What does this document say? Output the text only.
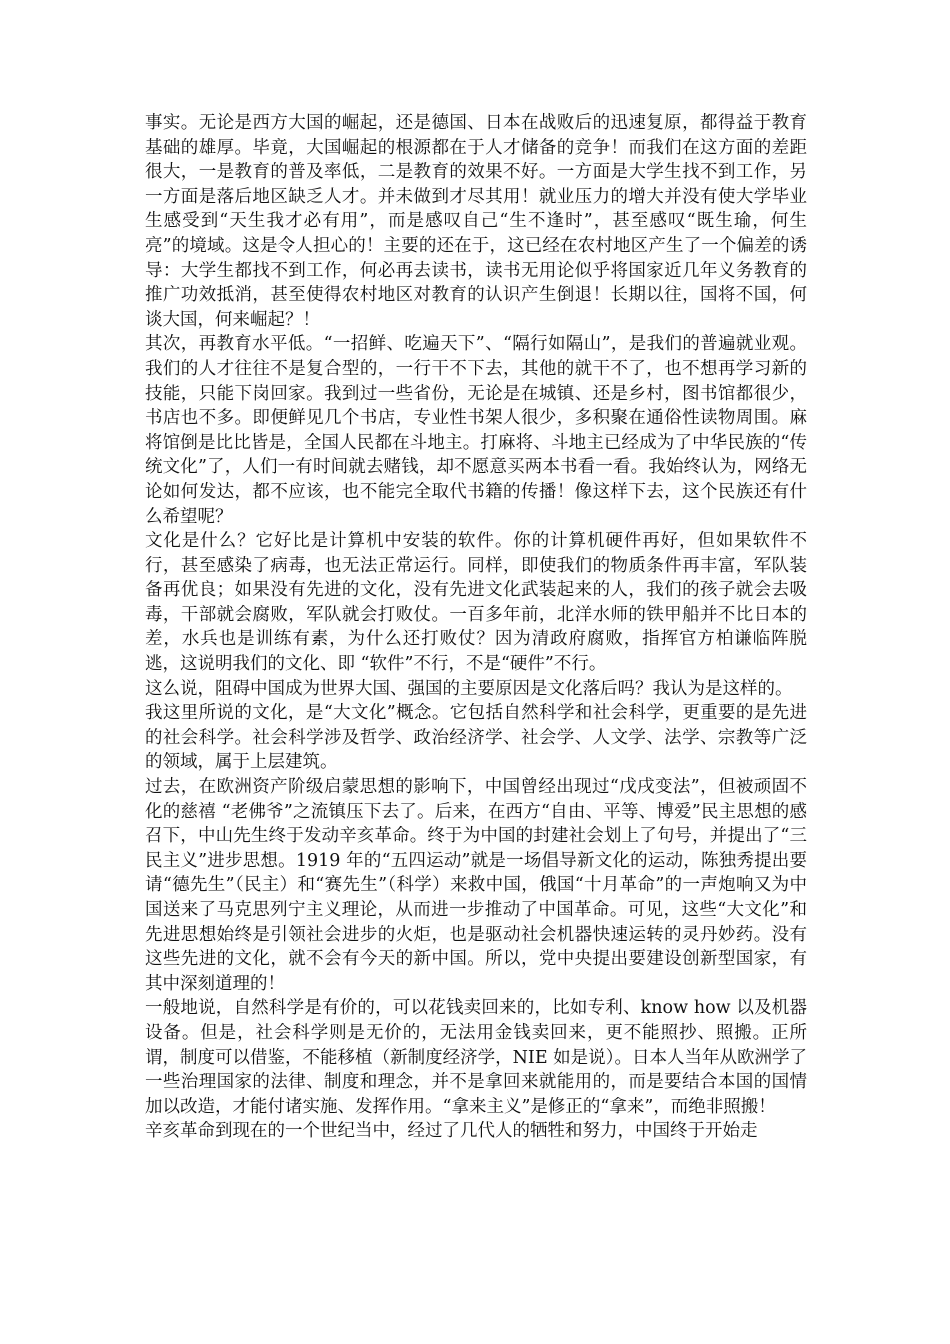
事实。无论是西方大国的崛起，还是德国、日本在战败后的迅速复原，都得益于教育基础的雄厚。毕竟，大国崛起的根源都在于人才储备的竞争！而我们在这方面的差距很大，一是教育的普及率低，二是教育的效果不好。一方面是大学生找不到工作，另一方面是落后地区缺乏人才。并未做到才尽其用！就业压力的增大并没有使大学毕业生感受到“天生我才必有用”，而是感叹自己“生不逢时”，甚至感叹“既生瑜，何生亮”的境域。这是令人担心的！主要的还在于，这已经在农村地区产生了一个偏差的诱导：大学生都找不到工作，何必再去读书，读书无用论似乎将国家近几年义务教育的推广功效抵消，甚至使得农村地区对教育的认识产生倒退！长期以往，国将不国，何谈大国，何来崛起？！

其次，再教育水平低。“一招鲜、吃遍天下”、“隔行如隔山”，是我们的普遍就业观。我们的人才往往不是复合型的，一行干不下去，其他的就干不了，也不想再学习新的技能，只能下岗回家。我到过一些省份，无论是在城镇、还是乡村，图书馆都很少，书店也不多。即便鲜见几个书店，专业性书架人很少，多积聚在通俗性读物周围。麻将馆倒是比比皆是，全国人民都在斗地主。打麻将、斗地主已经成为了中华民族的“传统文化”了，人们一有时间就去赌钱，却不愿意买两本书看一看。我始终认为，网络无论如何发达，都不应该，也不能完全取代书籍的传播！像这样下去，这个民族还有什么希望呢？

文化是什么？它好比是计算机中安装的软件。你的计算机硬件再好，但如果软件不行，甚至感染了病毒，也无法正常运行。同样，即使我们的物质条件再丰富，军队装备再优良；如果没有先进的文化，没有先进文化武装起来的人，我们的孩子就会去吸毒，干部就会腐败，军队就会打败仗。一百多年前，北洋水师的铁甲船并不比日本的差，水兵也是训练有素，为什么还打败仗？因为清政府腐败，指挥官方柏谦临阵脱逃，这说明我们的文化、即 “软件”不行，不是“硬件”不行。

这么说，阻碍中国成为世界大国、强国的主要原因是文化落后吗？我认为是这样的。

我这里所说的文化，是“大文化”概念。它包括自然科学和社会科学，更重要的是先进的社会科学。社会科学涉及哲学、政治经济学、社会学、人文学、法学、宗教等广泛的领域，属于上层建筑。

过去，在欧洲资产阶级启蒙思想的影响下，中国曾经出现过“戊戌变法”，但被顽固不化的慈禧 “老佛爷”之流镇压下去了。后来，在西方“自由、平等、博爱”民主思想的感召下，中山先生终于发动辛亥革命。终于为中国的封建社会划上了句号，并提出了“三民主义”进步思想。1919 年的“五四运动”就是一场倡导新文化的运动，陈独秀提出要请“德先生”（民主）和“赛先生”（科学）来救中国，俄国“十月革命”的一声炮响又为中国送来了马克思列宁主义理论，从而进一步推动了中国革命。可见，这些“大文化”和先进思想始终是引领社会进步的火炬，也是驱动社会机器快速运转的灵丹妙药。没有这些先进的文化，就不会有今天的新中国。所以，党中央提出要建设创新型国家，有其中深刻道理的！

一般地说，自然科学是有价的，可以花钱卖回来的，比如专利、know how 以及机器设备。但是，社会科学则是无价的，无法用金钱卖回来，更不能照抄、照搬。正所谓，制度可以借鉴，不能移植（新制度经济学，NIE 如是说）。日本人当年从欧洲学了一些治理国家的法律、制度和理念，并不是拿回来就能用的，而是要结合本国的国情加以改造，才能付诸实施、发挥作用。“拿来主义”是修正的“拿来”，而绝非照搬！

辛亥革命到现在的一个世纪当中，经过了几代人的牺牲和努力，中国终于开始走
